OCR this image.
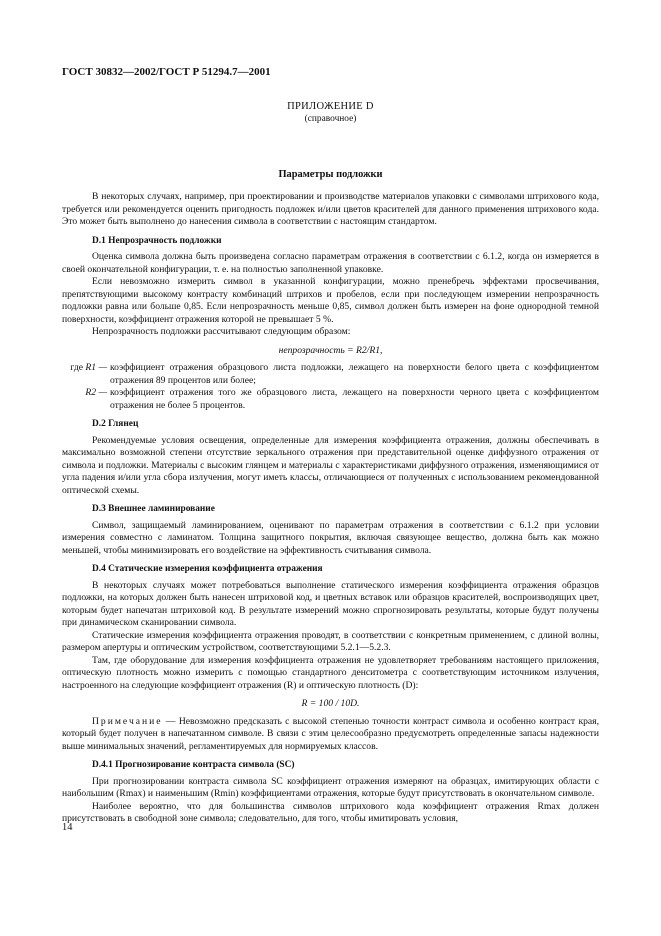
ГОСТ 30832—2002/ГОСТ Р 51294.7—2001
ПРИЛОЖЕНИЕ D
(справочное)
Параметры подложки

В некоторых случаях, например, при проектировании и производстве материалов упаковки с символами штрихового кода, требуется или рекомендуется оценить пригодность подложек и/или цветов красителей для данного применения штрихового кода. Это может быть выполнено до нанесения символа в соответствии с настоящим стандартом.

D.1 Непрозрачность подложки

Оценка символа должна быть произведена согласно параметрам отражения в соответствии с 6.1.2, когда он измеряется в своей окончательной конфигурации, т. е. на полностью заполненной упаковке.

Если невозможно измерить символ в указанной конфигурации, можно пренебречь эффектами просвечивания, препятствующими высокому контрасту комбинаций штрихов и пробелов, если при последующем измерении непрозрачность подложки равна или больше 0,85. Если непрозрачность меньше 0,85, символ должен быть измерен на фоне однородной темной поверхности, коэффициент отражения которой не превышает 5 %.

Непрозрачность подложки рассчитывают следующим образом:

непрозрачность = R2/R1,
где R1 — коэффициент отражения образцового листа подложки, лежащего на поверхности белого цвета с коэффициентом отражения 89 процентов или более;
R2 — коэффициент отражения того же образцового листа, лежащего на поверхности черного цвета с коэффициентом отражения не более 5 процентов.
D.2 Глянец

Рекомендуемые условия освещения, определенные для измерения коэффициента отражения, должны обеспечивать в максимально возможной степени отсутствие зеркального отражения при представительной оценке диффузного отражения от символа и подложки. Материалы с высоким глянцем и материалы с характеристиками диффузного отражения, изменяющимися от угла падения и/или угла сбора излучения, могут иметь классы, отличающиеся от полученных с использованием рекомендованной оптической схемы.

D.3 Внешнее ламинирование

Символ, защищаемый ламинированием, оценивают по параметрам отражения в соответствии с 6.1.2 при условии измерения совместно с ламинатом. Толщина защитного покрытия, включая связующее вещество, должна быть как можно меньшей, чтобы минимизировать его воздействие на эффективность считывания символа.

D.4 Статические измерения коэффициента отражения

В некоторых случаях может потребоваться выполнение статического измерения коэффициента отражения образцов подложки, на которых должен быть нанесен штриховой код, и цветных вставок или образцов красителей, воспроизводящих цвет, которым будет напечатан штриховой код. В результате измерений можно спрогнозировать результаты, которые будут получены при динамическом сканировании символа.

Статические измерения коэффициента отражения проводят, в соответствии с конкретным применением, с длиной волны, размером апертуры и оптическим устройством, соответствующими 5.2.1—5.2.3.

Там, где оборудование для измерения коэффициента отражения не удовлетворяет требованиям настоящего приложения, оптическую плотность можно измерить с помощью стандартного денситометра с соответствующим источником излучения, настроенного на следующие коэффициент отражения (R) и оптическую плотность (D):

R = 100 / 10D.

Примечание — Невозможно предсказать с высокой степенью точности контраст символа и особенно контраст края, который будет получен в напечатанном символе. В связи с этим целесообразно предусмотреть определенные запасы надежности выше минимальных значений, регламентируемых для нормируемых классов.

D.4.1 Прогнозирование контраста символа (SC)

При прогнозировании контраста символа SC коэффициент отражения измеряют на образцах, имитирующих области с наибольшим (Rmax) и наименьшим (Rmin) коэффициентами отражения, которые будут присутствовать в окончательном символе.

Наиболее вероятно, что для большинства символов штрихового кода коэффициент отражения Rmax должен присутствовать в свободной зоне символа; следовательно, для того, чтобы имитировать условия,

14
